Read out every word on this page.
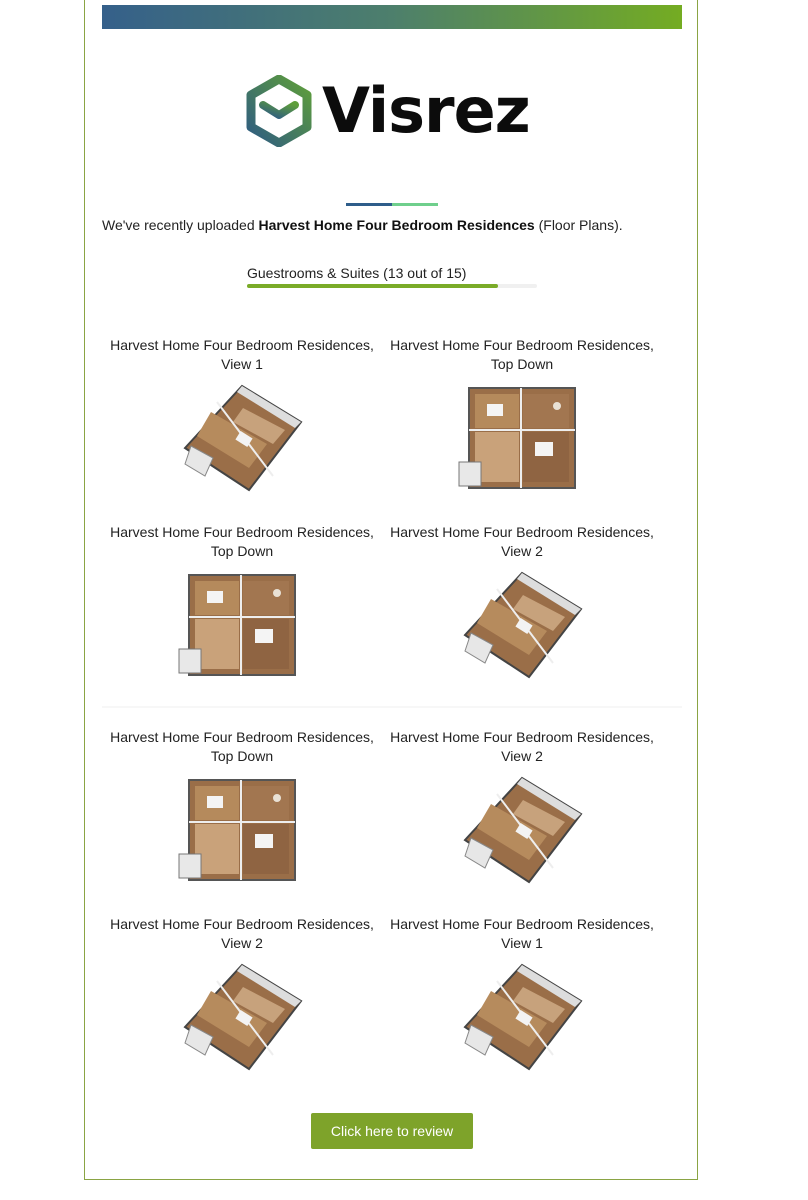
Visrez
We've recently uploaded Harvest Home Four Bedroom Residences (Floor Plans).
Guestrooms & Suites (13 out of 15)
Harvest Home Four Bedroom Residences, View 1
Harvest Home Four Bedroom Residences, Top Down
Harvest Home Four Bedroom Residences, Top Down
Harvest Home Four Bedroom Residences, View 2
Harvest Home Four Bedroom Residences, Top Down
Harvest Home Four Bedroom Residences, View 2
Harvest Home Four Bedroom Residences, View 2
Harvest Home Four Bedroom Residences, View 1
Click here to review
